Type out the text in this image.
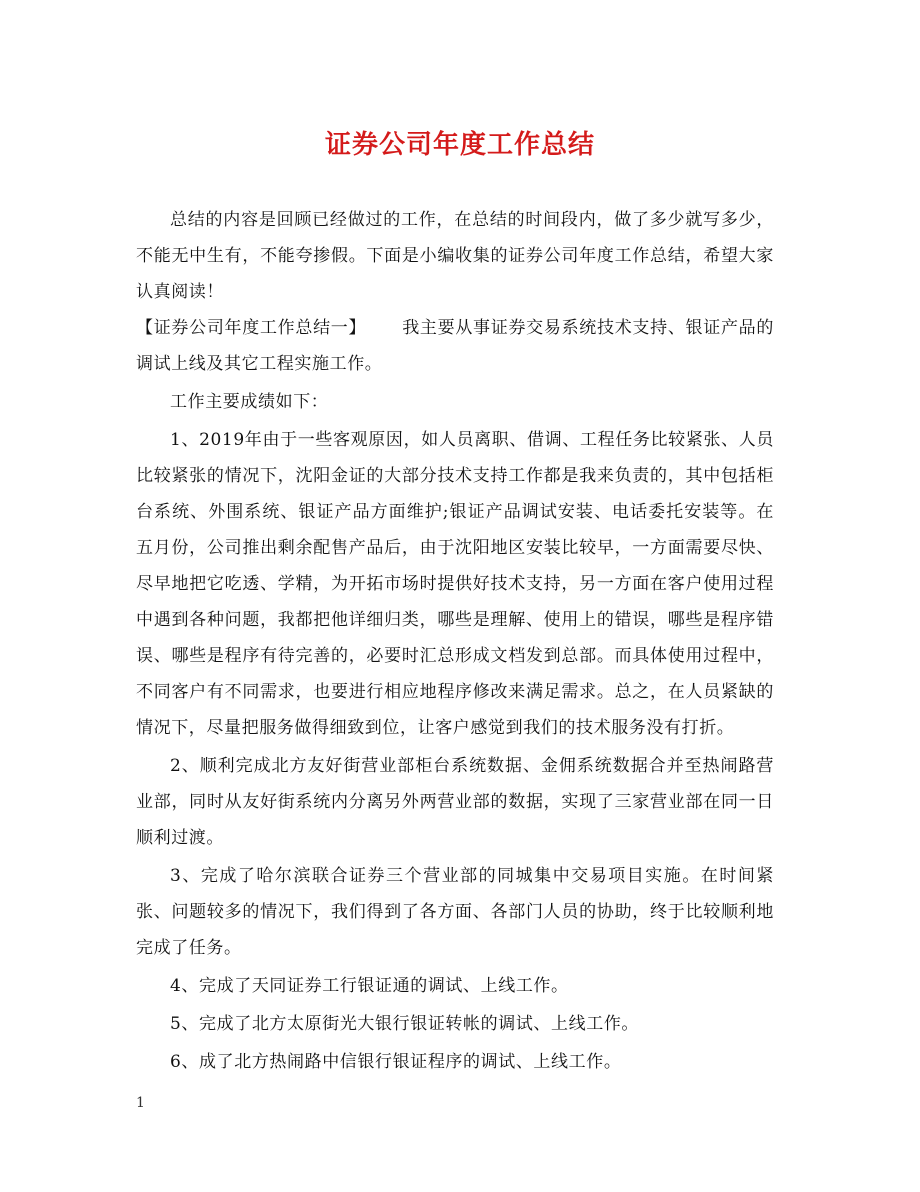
证券公司年度工作总结

总结的内容是回顾已经做过的工作，在总结的时间段内，做了多少就写多少，不能无中生有，不能夸掺假。下面是小编收集的证券公司年度工作总结，希望大家认真阅读！

【证券公司年度工作总结一】 我主要从事证券交易系统技术支持、银证产品的调试上线及其它工程实施工作。

工作主要成绩如下：

1、2019年由于一些客观原因，如人员离职、借调、工程任务比较紧张、人员比较紧张的情况下，沈阳金证的大部分技术支持工作都是我来负责的，其中包括柜台系统、外围系统、银证产品方面维护;银证产品调试安装、电话委托安装等。在五月份，公司推出剩余配售产品后，由于沈阳地区安装比较早，一方面需要尽快、尽早地把它吃透、学精，为开拓市场时提供好技术支持，另一方面在客户使用过程中遇到各种问题，我都把他详细归类，哪些是理解、使用上的错误，哪些是程序错误、哪些是程序有待完善的，必要时汇总形成文档发到总部。而具体使用过程中，不同客户有不同需求，也要进行相应地程序修改来满足需求。总之，在人员紧缺的情况下，尽量把服务做得细致到位，让客户感觉到我们的技术服务没有打折。

2、顺利完成北方友好街营业部柜台系统数据、金佣系统数据合并至热闹路营业部，同时从友好街系统内分离另外两营业部的数据，实现了三家营业部在同一日顺利过渡。

3、完成了哈尔滨联合证券三个营业部的同城集中交易项目实施。在时间紧张、问题较多的情况下，我们得到了各方面、各部门人员的协助，终于比较顺利地完成了任务。

4、完成了天同证券工行银证通的调试、上线工作。

5、完成了北方太原街光大银行银证转帐的调试、上线工作。

6、成了北方热闹路中信银行银证程序的调试、上线工作。

1
